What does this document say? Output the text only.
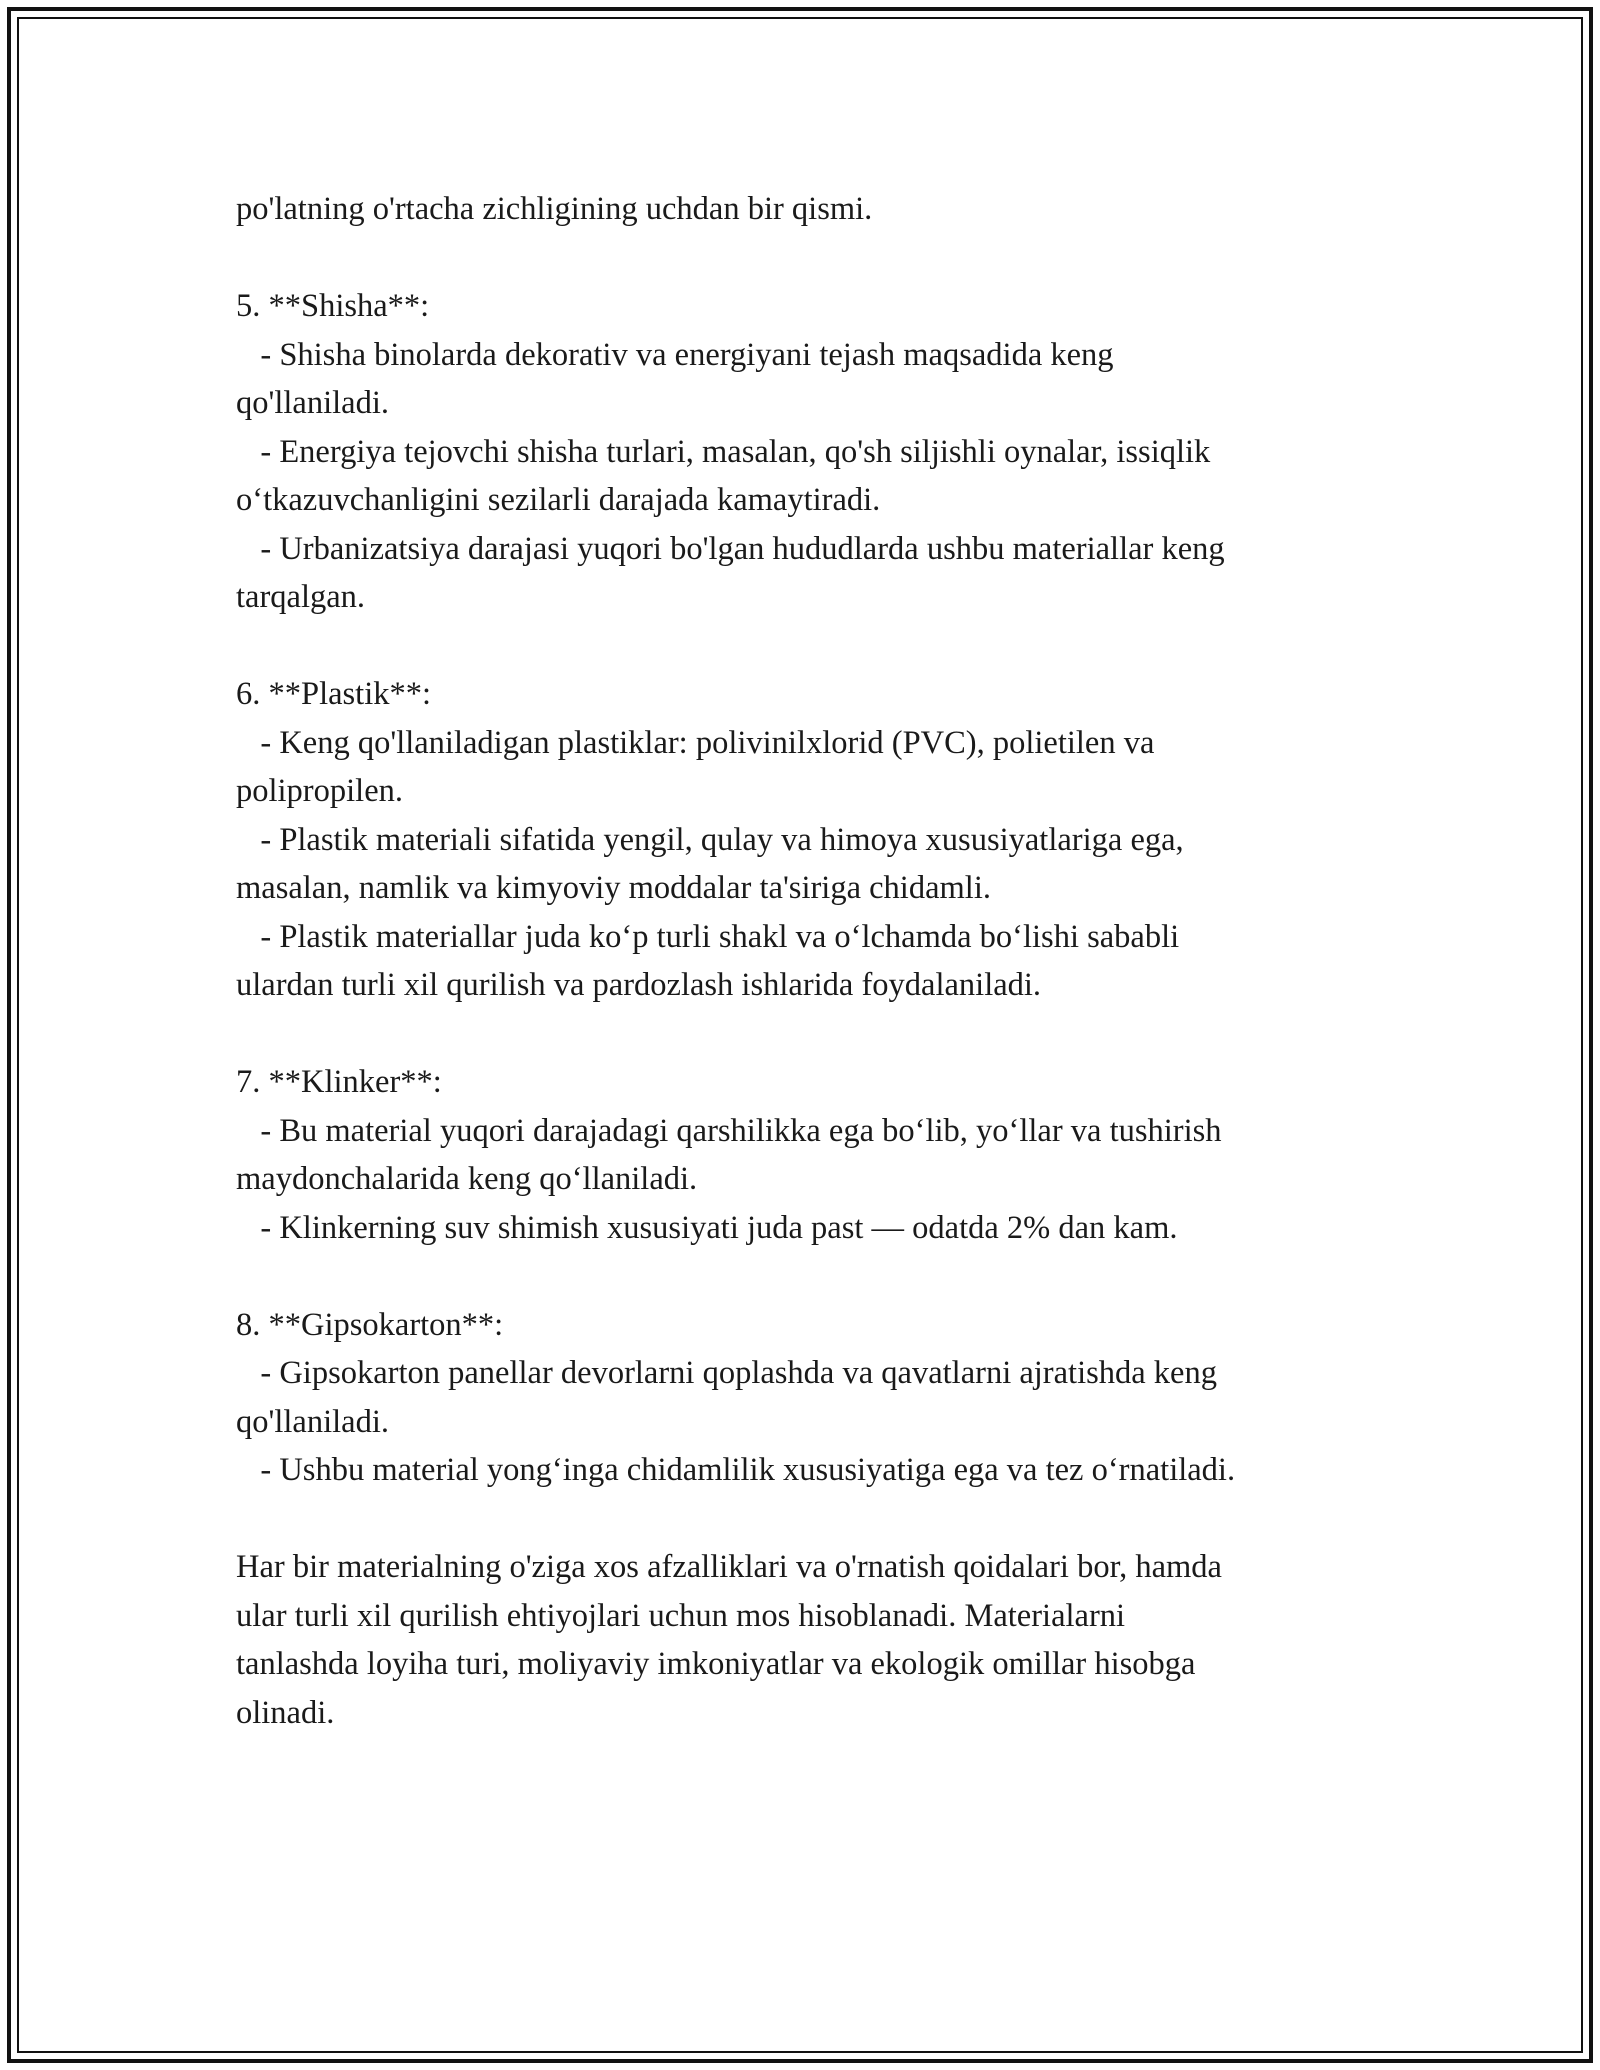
po'latning o'rtacha zichligining uchdan bir qismi.

5. **Shisha**:

- Shisha binolarda dekorativ va energiyani tejash maqsadida keng

qo'llaniladi.

- Energiya tejovchi shisha turlari, masalan, qo'sh siljishli oynalar, issiqlik

o‘tkazuvchanligini sezilarli darajada kamaytiradi.

- Urbanizatsiya darajasi yuqori bo'lgan hududlarda ushbu materiallar keng

tarqalgan.

6. **Plastik**:

- Keng qo'llaniladigan plastiklar: polivinilxlorid (PVC), polietilen va

polipropilen.

- Plastik materiali sifatida yengil, qulay va himoya xususiyatlariga ega,

masalan, namlik va kimyoviy moddalar ta'siriga chidamli.

- Plastik materiallar juda ko‘p turli shakl va o‘lchamda bo‘lishi sababli

ulardan turli xil qurilish va pardozlash ishlarida foydalaniladi.

7. **Klinker**:

- Bu material yuqori darajadagi qarshilikka ega bo‘lib, yo‘llar va tushirish

maydonchalarida keng qo‘llaniladi.

- Klinkerning suv shimish xususiyati juda past — odatda 2% dan kam.

8. **Gipsokarton**:

- Gipsokarton panellar devorlarni qoplashda va qavatlarni ajratishda keng

qo'llaniladi.

- Ushbu material yong‘inga chidamlilik xususiyatiga ega va tez o‘rnatiladi.

Har bir materialning o'ziga xos afzalliklari va o'rnatish qoidalari bor, hamda

ular turli xil qurilish ehtiyojlari uchun mos hisoblanadi. Materialarni

tanlashda loyiha turi, moliyaviy imkoniyatlar va ekologik omillar hisobga

olinadi.
